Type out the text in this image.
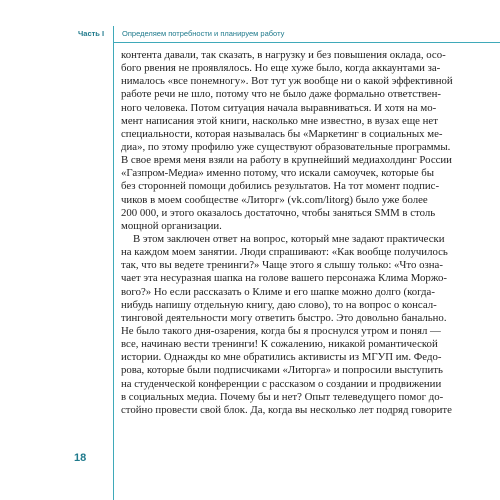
Часть I Определяем потребности и планируем работу
контента давали, так сказать, в нагрузку и без повышения оклада, осо-
бого рвения не проявлялось. Но еще хуже было, когда аккаунтами за-
нималось «все понемногу». Вот тут уж вообще ни о какой эффективной
работе речи не шло, потому что не было даже формально ответствен-
ного человека. Потом ситуация начала выравниваться. И хотя на мо-
мент написания этой книги, насколько мне известно, в вузах еще нет
специальности, которая называлась бы «Маркетинг в социальных ме-
диа», по этому профилю уже существуют образовательные программы.
В свое время меня взяли на работу в крупнейший медиахолдинг России
«Газпром-Медиа» именно потому, что искали самоучек, которые бы
без сторонней помощи добились результатов. На тот момент подпис-
чиков в моем сообществе «Литорг» (vk.com/litorg) было уже более
200 000, и этого оказалось достаточно, чтобы заняться SMM в столь
мощной организации.
В этом заключен ответ на вопрос, который мне задают практически
на каждом моем занятии. Люди спрашивают: «Как вообще получилось
так, что вы ведете тренинги?» Чаще этого я слышу только: «Что озна-
чает эта несуразная шапка на голове вашего персонажа Клима Моржо-
вого?» Но если рассказать о Климе и его шапке можно долго (когда-
нибудь напишу отдельную книгу, даю слово), то на вопрос о консал-
тинговой деятельности могу ответить быстро. Это довольно банально.
Не было такого дня-озарения, когда бы я проснулся утром и понял —
все, начинаю вести тренинги! К сожалению, никакой романтической
истории. Однажды ко мне обратились активисты из МГУП им. Федо-
рова, которые были подписчиками «Литорга» и попросили выступить
на студенческой конференции с рассказом о создании и продвижении
в социальных медиа. Почему бы и нет? Опыт телеведущего помог до-
стойно провести свой блок. Да, когда вы несколько лет подряд говорите
18
